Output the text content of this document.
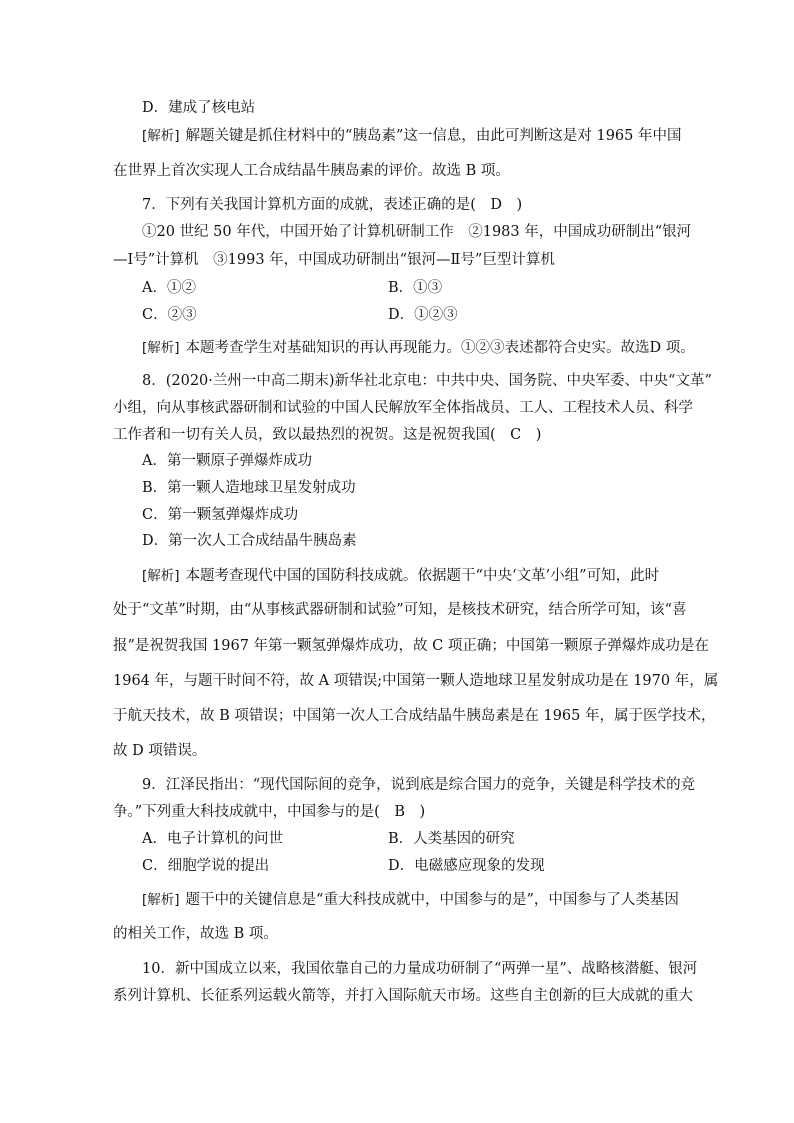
D．建成了核电站
[解析] 解题关键是抓住材料中的“胰岛素”这一信息，由此可判断这是对 1965 年中国
在世界上首次实现人工合成结晶牛胰岛素的评价。故选 B 项。
7．下列有关我国计算机方面的成就，表述正确的是(　D　)
①20 世纪 50 年代，中国开始了计算机研制工作　②1983 年，中国成功研制出“银河
—Ⅰ号”计算机　③1993 年，中国成功研制出“银河—Ⅱ号”巨型计算机
A．①②	B．①③
C．②③	D．①②③
[解析] 本题考查学生对基础知识的再认再现能力。①②③表述都符合史实。故选D 项。
8．(2020·兰州一中高二期末)新华社北京电：中共中央、国务院、中央军委、中央“文革”
小组，向从事核武器研制和试验的中国人民解放军全体指战员、工人、工程技术人员、科学
工作者和一切有关人员，致以最热烈的祝贺。这是祝贺我国(　C　)
A．第一颗原子弹爆炸成功
B．第一颗人造地球卫星发射成功
C．第一颗氢弹爆炸成功
D．第一次人工合成结晶牛胰岛素
[解析] 本题考查现代中国的国防科技成就。依据题干“中央‘文革’小组”可知，此时
处于“文革”时期，由“从事核武器研制和试验”可知，是核技术研究，结合所学可知，该“喜
报”是祝贺我国 1967 年第一颗氢弹爆炸成功，故 C 项正确；中国第一颗原子弹爆炸成功是在
1964 年，与题干时间不符，故 A 项错误;中国第一颗人造地球卫星发射成功是在 1970 年，属
于航天技术，故 B 项错误；中国第一次人工合成结晶牛胰岛素是在 1965 年，属于医学技术，
故 D 项错误。
9．江泽民指出：“现代国际间的竞争，说到底是综合国力的竞争，关键是科学技术的竞
争。”下列重大科技成就中，中国参与的是(　B　)
A．电子计算机的问世	B．人类基因的研究
C．细胞学说的提出	D．电磁感应现象的发现
[解析] 题干中的关键信息是“重大科技成就中，中国参与的是”，中国参与了人类基因
的相关工作，故选 B 项。
10．新中国成立以来，我国依靠自己的力量成功研制了“两弹一星”、战略核潜艇、银河
系列计算机、长征系列运载火箭等，并打入国际航天市场。这些自主创新的巨大成就的重大
